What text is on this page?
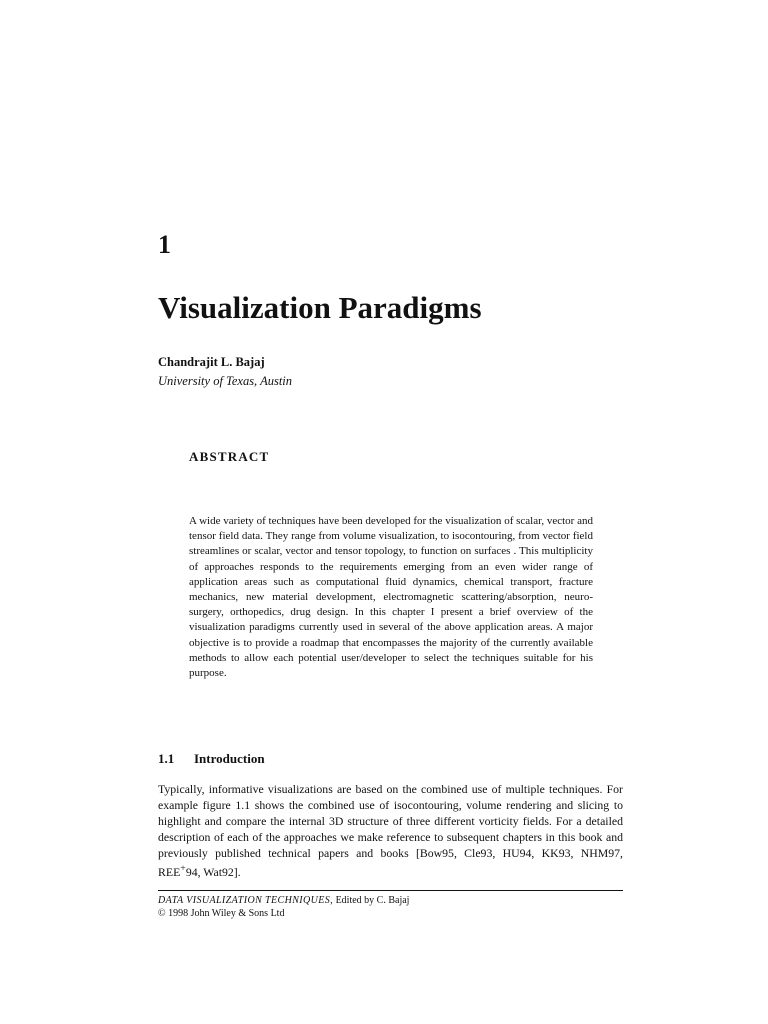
1
Visualization Paradigms
Chandrajit L. Bajaj
University of Texas, Austin
ABSTRACT
A wide variety of techniques have been developed for the visualization of scalar, vector and tensor field data. They range from volume visualization, to isocontouring, from vector field streamlines or scalar, vector and tensor topology, to function on surfaces . This multiplicity of approaches responds to the requirements emerging from an even wider range of application areas such as computational fluid dynamics, chemical transport, fracture mechanics, new material development, electromagnetic scattering/absorption, neuro-surgery, orthopedics, drug design. In this chapter I present a brief overview of the visualization paradigms currently used in several of the above application areas. A major objective is to provide a roadmap that encompasses the majority of the currently available methods to allow each potential user/developer to select the techniques suitable for his purpose.
1.1 Introduction
Typically, informative visualizations are based on the combined use of multiple techniques. For example figure 1.1 shows the combined use of isocontouring, volume rendering and slicing to highlight and compare the internal 3D structure of three different vorticity fields. For a detailed description of each of the approaches we make reference to subsequent chapters in this book and previously published technical papers and books [Bow95, Cle93, HU94, KK93, NHM97, REE+94, Wat92].
DATA VISUALIZATION TECHNIQUES, Edited by C. Bajaj
© 1998 John Wiley & Sons Ltd
